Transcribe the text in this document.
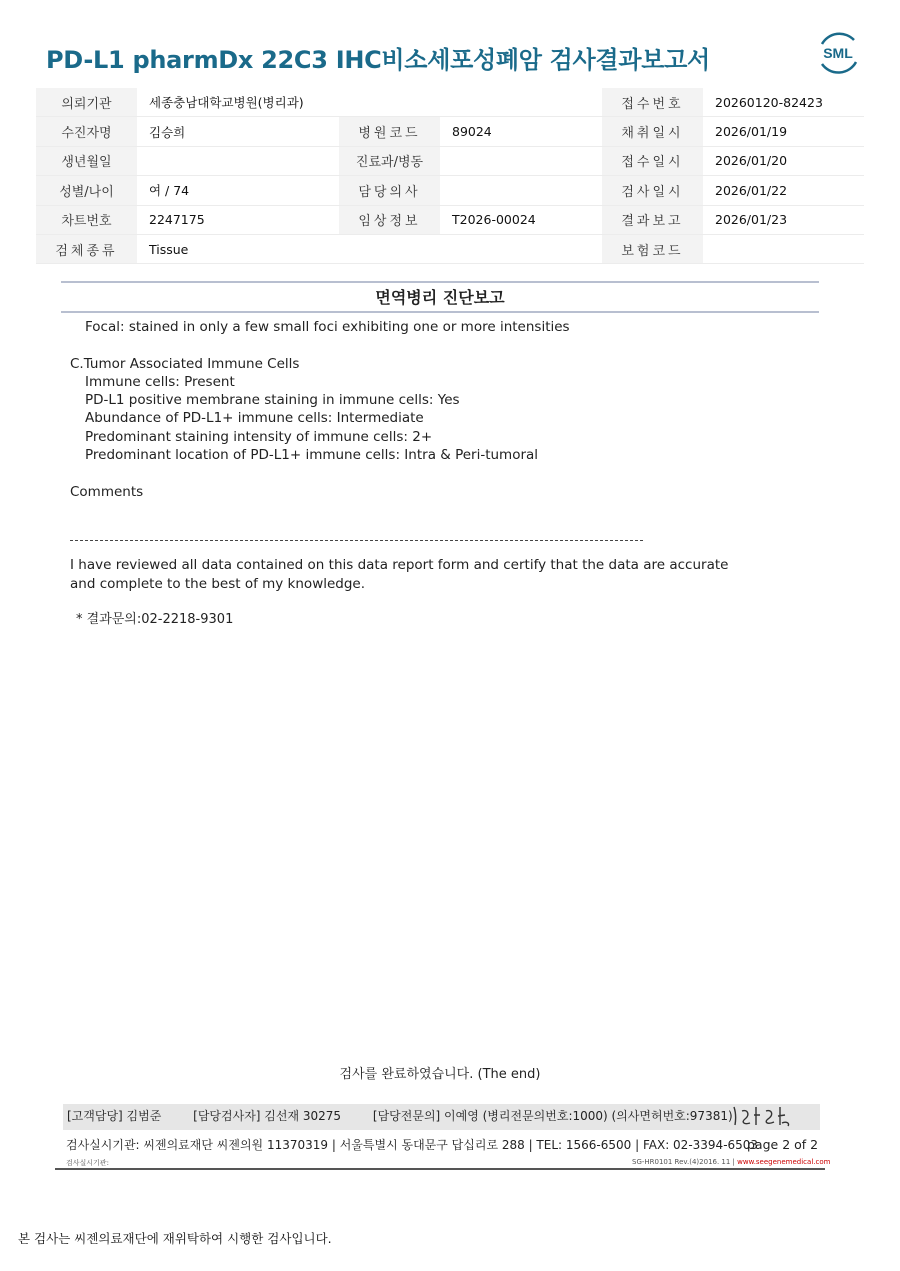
PD-L1 pharmDx 22C3 IHC비소세포성폐암 검사결과보고서	SML
의뢰기관	세종충남대학교병원(병리과)			접수번호	20260120-82423
수진자명	김승희	병원코드	89024	채취일시	2026/01/19
생년월일		진료과/병동		접수일시	2026/01/20
성별/나이	여 / 74	담당의사		검사일시	2026/01/22
차트번호	2247175	임상정보	T2026-00024	결과보고	2026/01/23
검체종류	Tissue			보험코드	
면역병리 진단보고
Focal: stained in only a few small foci exhibiting one or more intensities
C.Tumor Associated Immune Cells
Immune cells: Present
PD-L1 positive membrane staining in immune cells: Yes
Abundance of PD-L1+ immune cells: Intermediate
Predominant staining intensity of immune cells: 2+
Predominant location of PD-L1+ immune cells: Intra & Peri-tumoral
Comments
I have reviewed all data contained on this data report form and certify that the data are accurate
and complete to the best of my knowledge.
* 결과문의:02-2218-9301
검사를 완료하였습니다. (The end)
[고객담당] 김범준	[담당검사자] 김선재 30275	[담당전문의] 이예영 (병리전문의번호:1000) (의사면허번호:97381)
검사실시기관: 씨젠의료재단 씨젠의원 11370319 | 서울특별시 동대문구 답십리로 288 | TEL: 1566-6500 | FAX: 02-3394-6503
page 2 of 2
검사실시기관:	SG-HR0101 Rev.(4)2016. 11 | www.seegenemedical.com
본 검사는 씨젠의료재단에 재위탁하여 시행한 검사입니다.
